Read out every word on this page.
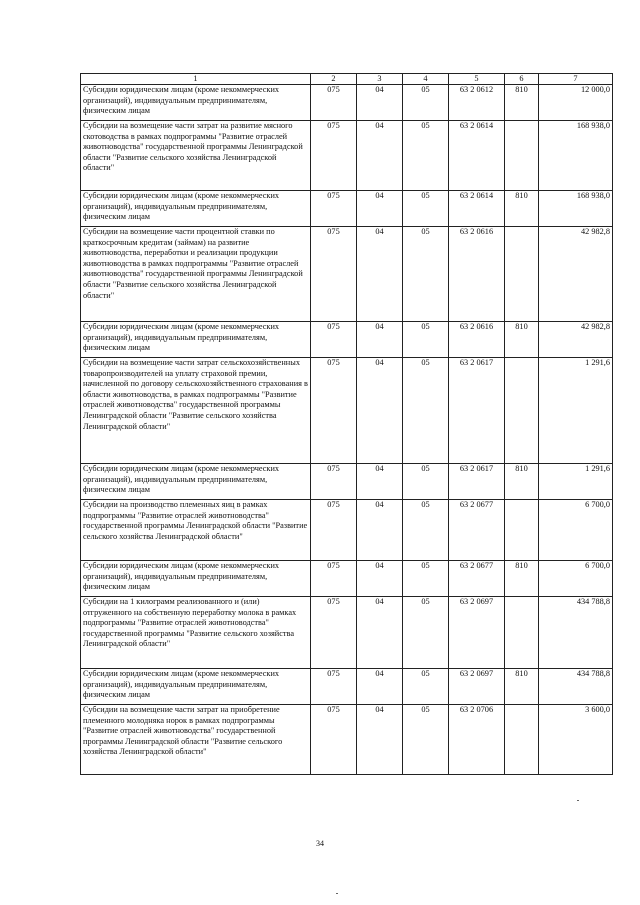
1	2	3	4	5	6	7
Субсидии юридическим лицам (кроме некоммерческих организаций), индивидуальным предпринимателям, физическим лицам	075	04	05	63 2 0612	810	12 000,0
Субсидии на возмещение части затрат на развитие мясного скотоводства в рамках подпрограммы "Развитие отраслей животноводства" государственной программы Ленинградской области "Развитие сельского хозяйства Ленинградской области"	075	04	05	63 2 0614		168 938,0
Субсидии юридическим лицам (кроме некоммерческих организаций), индивидуальным предпринимателям, физическим лицам	075	04	05	63 2 0614	810	168 938,0
Субсидии на возмещение части процентной ставки по краткосрочным кредитам (займам) на развитие животноводства, переработки и реализации продукции животноводства в рамках подпрограммы "Развитие отраслей животноводства" государственной программы Ленинградской области "Развитие сельского хозяйства Ленинградской области"	075	04	05	63 2 0616		42 982,8
Субсидии юридическим лицам (кроме некоммерческих организаций), индивидуальным предпринимателям, физическим лицам	075	04	05	63 2 0616	810	42 982,8
Субсидии на возмещение части затрат сельскохозяйственных товаропроизводителей на уплату страховой премии, начисленной по договору сельскохозяйственного страхования в области животноводства, в рамках подпрограммы "Развитие отраслей животноводства" государственной программы Ленинградской области "Развитие сельского хозяйства Ленинградской области"	075	04	05	63 2 0617		1 291,6
Субсидии юридическим лицам (кроме некоммерческих организаций), индивидуальным предпринимателям, физическим лицам	075	04	05	63 2 0617	810	1 291,6
Субсидии на производство племенных яиц в рамках подпрограммы "Развитие отраслей животноводства" государственной программы Ленинградской области "Развитие сельского хозяйства Ленинградской области"	075	04	05	63 2 0677		6 700,0
Субсидии юридическим лицам (кроме некоммерческих организаций), индивидуальным предпринимателям, физическим лицам	075	04	05	63 2 0677	810	6 700,0
Субсидии на 1 килограмм реализованного и (или) отгруженного на собственную переработку молока в рамках подпрограммы "Развитие отраслей животноводства" государственной программы "Развитие сельского хозяйства Ленинградской области"	075	04	05	63 2 0697		434 788,8
Субсидии юридическим лицам (кроме некоммерческих организаций), индивидуальным предпринимателям, физическим лицам	075	04	05	63 2 0697	810	434 788,8
Субсидии на возмещение части затрат на приобретение племенного молодняка норок в рамках подпрограммы "Развитие отраслей животноводства" государственной программы Ленинградской области "Развитие сельского хозяйства Ленинградской области"	075	04	05	63 2 0706		3 600,0
34
